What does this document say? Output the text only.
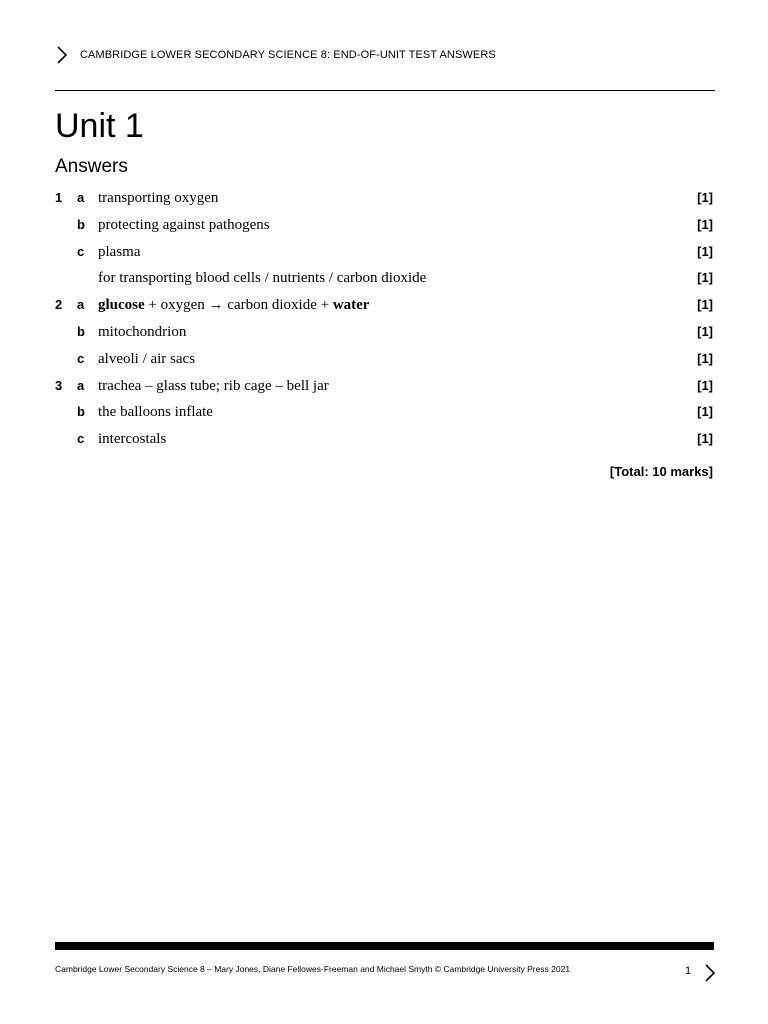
CAMBRIDGE LOWER SECONDARY SCIENCE 8: END-OF-UNIT TEST ANSWERS
Unit 1
Answers
1 a transporting oxygen	[1]
b protecting against pathogens	[1]
c plasma	[1]
for transporting blood cells / nutrients / carbon dioxide	[1]
2 a glucose + oxygen → carbon dioxide + water	[1]
b mitochondrion	[1]
c alveoli / air sacs	[1]
3 a trachea – glass tube; rib cage – bell jar	[1]
b the balloons inflate	[1]
c intercostals	[1]
[Total: 10 marks]
Cambridge Lower Secondary Science 8 – Mary Jones, Diane Fellowes-Freeman and Michael Smyth © Cambridge University Press 2021	1
